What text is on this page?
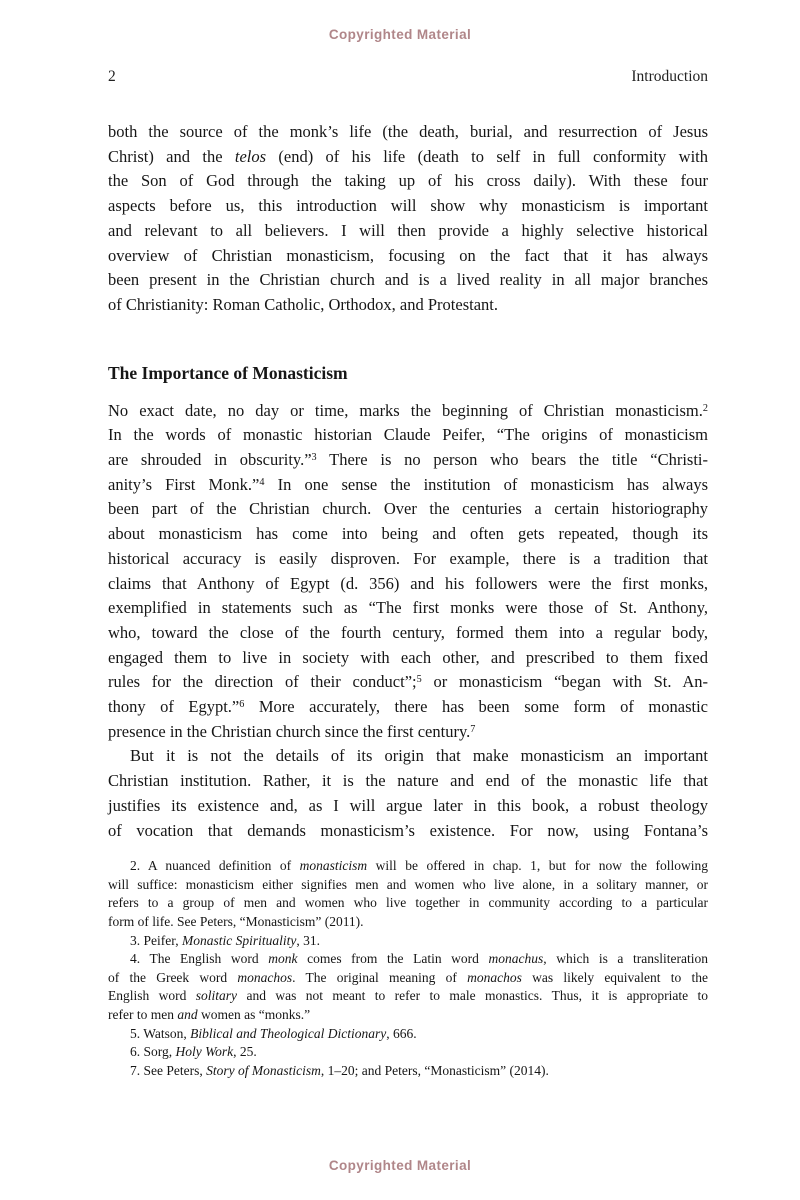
Copyrighted Material
2	Introduction
both the source of the monk’s life (the death, burial, and resurrection of Jesus
Christ) and the telos (end) of his life (death to self in full conformity with
the Son of God through the taking up of his cross daily). With these four
aspects before us, this introduction will show why monasticism is important
and relevant to all believers. I will then provide a highly selective historical
overview of Christian monasticism, focusing on the fact that it has always
been present in the Christian church and is a lived reality in all major branches
of Christianity: Roman Catholic, Orthodox, and Protestant.
The Importance of Monasticism
No exact date, no day or time, marks the beginning of Christian monasticism.$^2$
In the words of monastic historian Claude Peifer, “The origins of monasticism
are shrouded in obscurity.”$^3$ There is no person who bears the title “Christi-
anity’s First Monk.”$^4$ In one sense the institution of monasticism has always
been part of the Christian church. Over the centuries a certain historiography
about monasticism has come into being and often gets repeated, though its
historical accuracy is easily disproven. For example, there is a tradition that
claims that Anthony of Egypt (d. 356) and his followers were the first monks,
exemplified in statements such as “The first monks were those of St. Anthony,
who, toward the close of the fourth century, formed them into a regular body,
engaged them to live in society with each other, and prescribed to them fixed
rules for the direction of their conduct”;$^5$ or monasticism “began with St. An-
thony of Egypt.”$^6$ More accurately, there has been some form of monastic
presence in the Christian church since the first century.$^7$
But it is not the details of its origin that make monasticism an important
Christian institution. Rather, it is the nature and end of the monastic life that
justifies its existence and, as I will argue later in this book, a robust theology
of vocation that demands monasticism’s existence. For now, using Fontana’s
2. A nuanced definition of monasticism will be offered in chap. 1, but for now the following
will suffice: monasticism either signifies men and women who live alone, in a solitary manner, or
refers to a group of men and women who live together in community according to a particular
form of life. See Peters, “Monasticism” (2011).
3. Peifer, Monastic Spirituality, 31.
4. The English word monk comes from the Latin word monachus, which is a transliteration
of the Greek word monachos. The original meaning of monachos was likely equivalent to the
English word solitary and was not meant to refer to male monastics. Thus, it is appropriate to
refer to men and women as “monks.”
5. Watson, Biblical and Theological Dictionary, 666.
6. Sorg, Holy Work, 25.
7. See Peters, Story of Monasticism, 1–20; and Peters, “Monasticism” (2014).
Copyrighted Material
